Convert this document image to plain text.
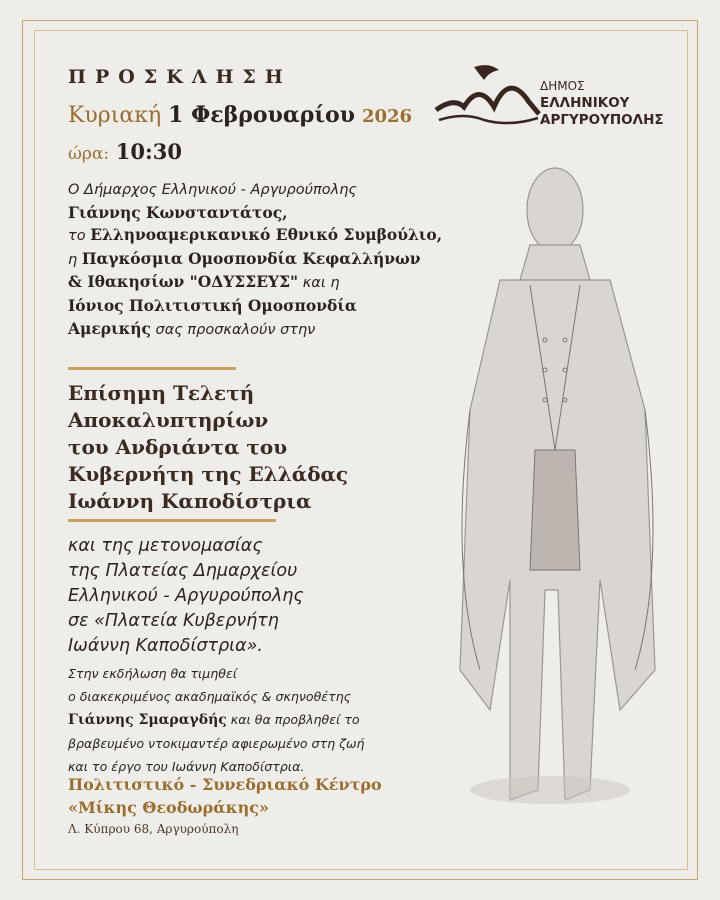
ΔΗΜΟΣ
ΕΛΛΗΝΙΚΟΥ
ΑΡΓΥΡΟΥΠΟΛΗΣ
ΠΡΟΣΚΛΗΣΗ
Κυριακή 1 Φεβρουαρίου 2026
ώρα: 10:30
Ο Δήμαρχος Ελληνικού - Αργυρούπολης
Γιάννης Κωνσταντάτος,
το Ελληνοαμερικανικό Εθνικό Συμβούλιο,
η Παγκόσμια Ομοσπονδία Κεφαλλήνων
& Ιθακησίων "ΟΔΥΣΣΕΥΣ" και η
Ιόνιος Πολιτιστική Ομοσπονδία
Αμερικής σας προσκαλούν στην
Επίσημη Τελετή
Αποκαλυπτηρίων
του Ανδριάντα του
Κυβερνήτη της Ελλάδας
Ιωάννη Καποδίστρια
και της μετονομασίας
της Πλατείας Δημαρχείου
Ελληνικού - Αργυρούπολης
σε «Πλατεία Κυβερνήτη
Ιωάννη Καποδίστρια».
Στην εκδήλωση θα τιμηθεί
ο διακεκριμένος ακαδημαϊκός & σκηνοθέτης
Γιάννης Σμαραγδής και θα προβληθεί το
βραβευμένο ντοκιμαντέρ αφιερωμένο στη ζωή
και το έργο του Ιωάννη Καποδίστρια.
Πολιτιστικό - Συνεδριακό Κέντρο
«Μίκης Θεοδωράκης»
Λ. Κύπρου 68, Αργυρούπολη
